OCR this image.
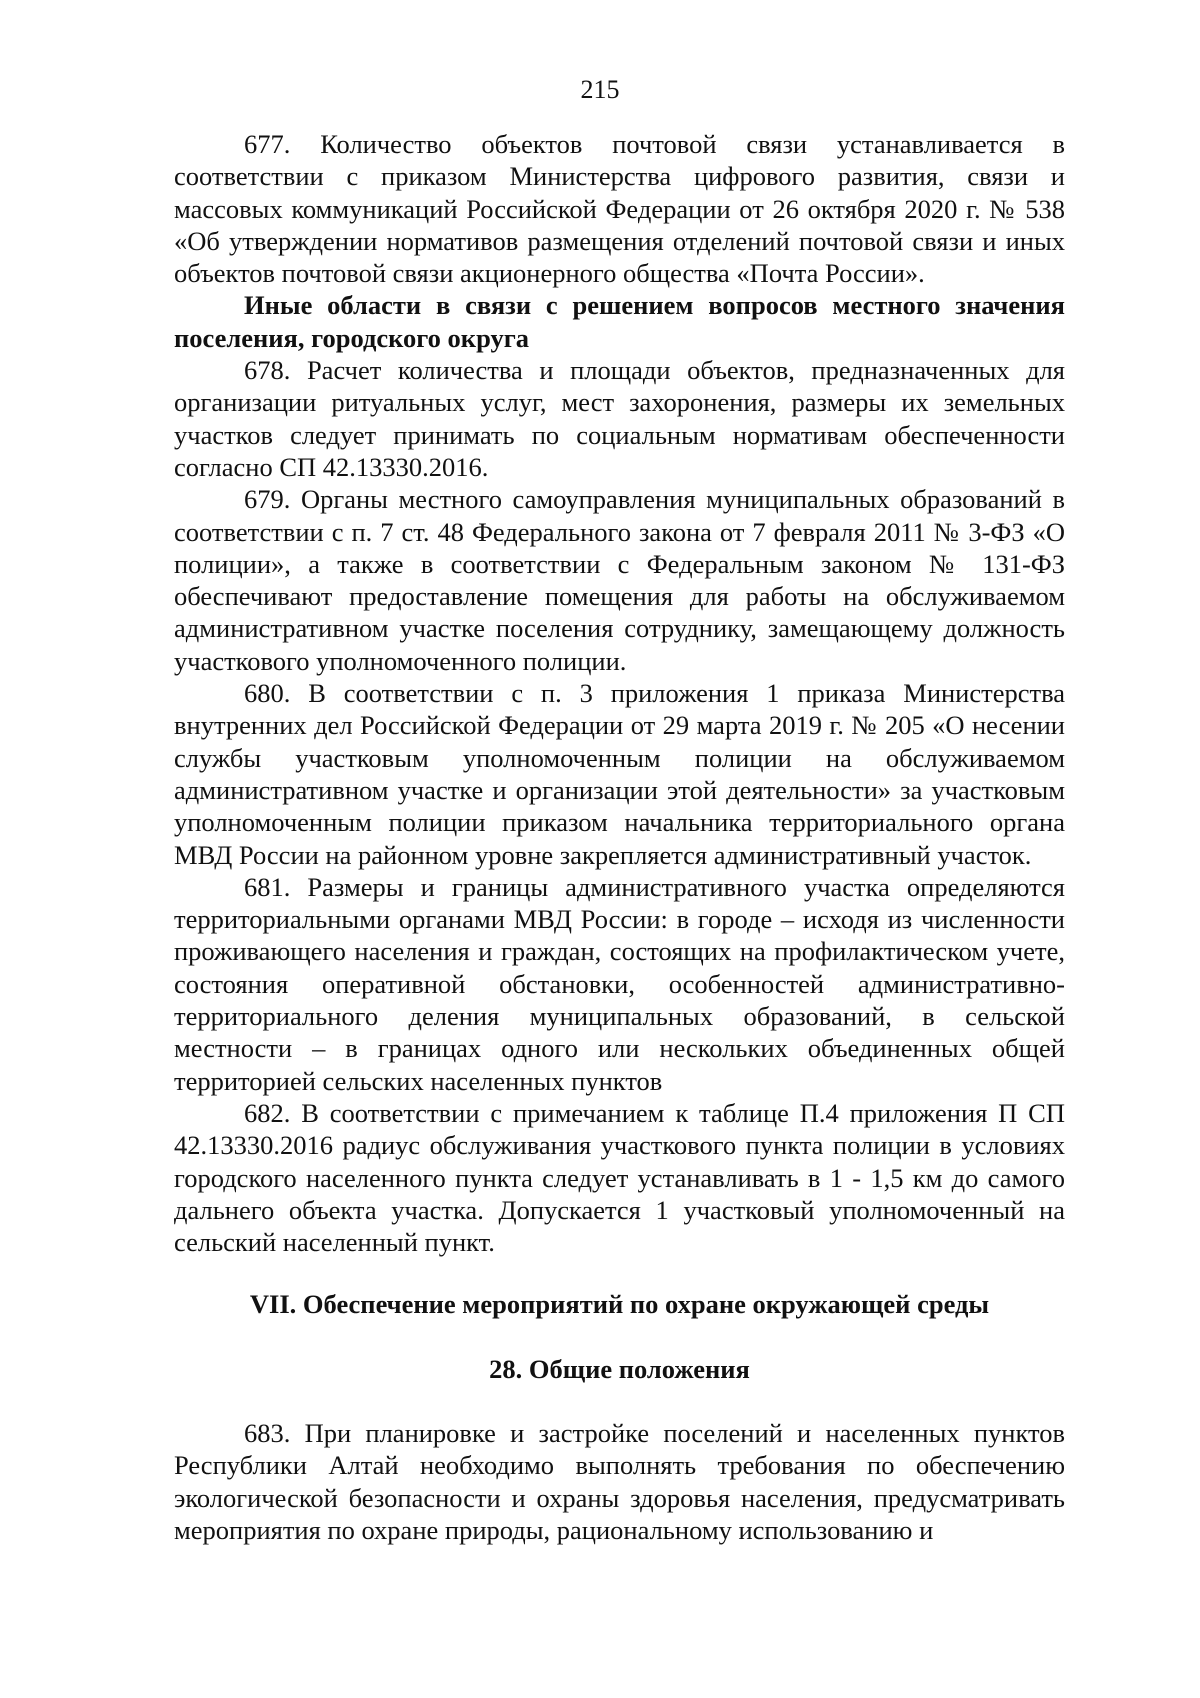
215

677. Количество объектов почтовой связи устанавливается в соответствии с приказом Министерства цифрового развития, связи и массовых коммуникаций Российской Федерации от 26 октября 2020 г. № 538 «Об утверждении нормативов размещения отделений почтовой связи и иных объектов почтовой связи акционерного общества «Почта России».

Иные области в связи с решением вопросов местного значения поселения, городского округа

678. Расчет количества и площади объектов, предназначенных для организации ритуальных услуг, мест захоронения, размеры их земельных участков следует принимать по социальным нормативам обеспеченности согласно СП 42.13330.2016.

679. Органы местного самоуправления муниципальных образований в соответствии с п. 7 ст. 48 Федерального закона от 7 февраля 2011 № 3-ФЗ «О полиции», а также в соответствии с Федеральным законом № 131-ФЗ обеспечивают предоставление помещения для работы на обслуживаемом административном участке поселения сотруднику, замещающему должность участкового уполномоченного полиции.

680. В соответствии с п. 3 приложения 1 приказа Министерства внутренних дел Российской Федерации от 29 марта 2019 г. № 205 «О несении службы участковым уполномоченным полиции на обслуживаемом административном участке и организации этой деятельности» за участковым уполномоченным полиции приказом начальника территориального органа МВД России на районном уровне закрепляется административный участок.

681. Размеры и границы административного участка определяются территориальными органами МВД России: в городе – исходя из численности проживающего населения и граждан, состоящих на профилактическом учете, состояния оперативной обстановки, особенностей административно-территориального деления муниципальных образований, в сельской местности – в границах одного или нескольких объединенных общей территорией сельских населенных пунктов

682. В соответствии с примечанием к таблице П.4 приложения П СП 42.13330.2016 радиус обслуживания участкового пункта полиции в условиях городского населенного пункта следует устанавливать в 1 - 1,5 км до самого дальнего объекта участка. Допускается 1 участковый уполномоченный на сельский населенный пункт.

VII. Обеспечение мероприятий по охране окружающей среды

28. Общие положения

683. При планировке и застройке поселений и населенных пунктов Республики Алтай необходимо выполнять требования по обеспечению экологической безопасности и охраны здоровья населения, предусматривать мероприятия по охране природы, рациональному использованию и
